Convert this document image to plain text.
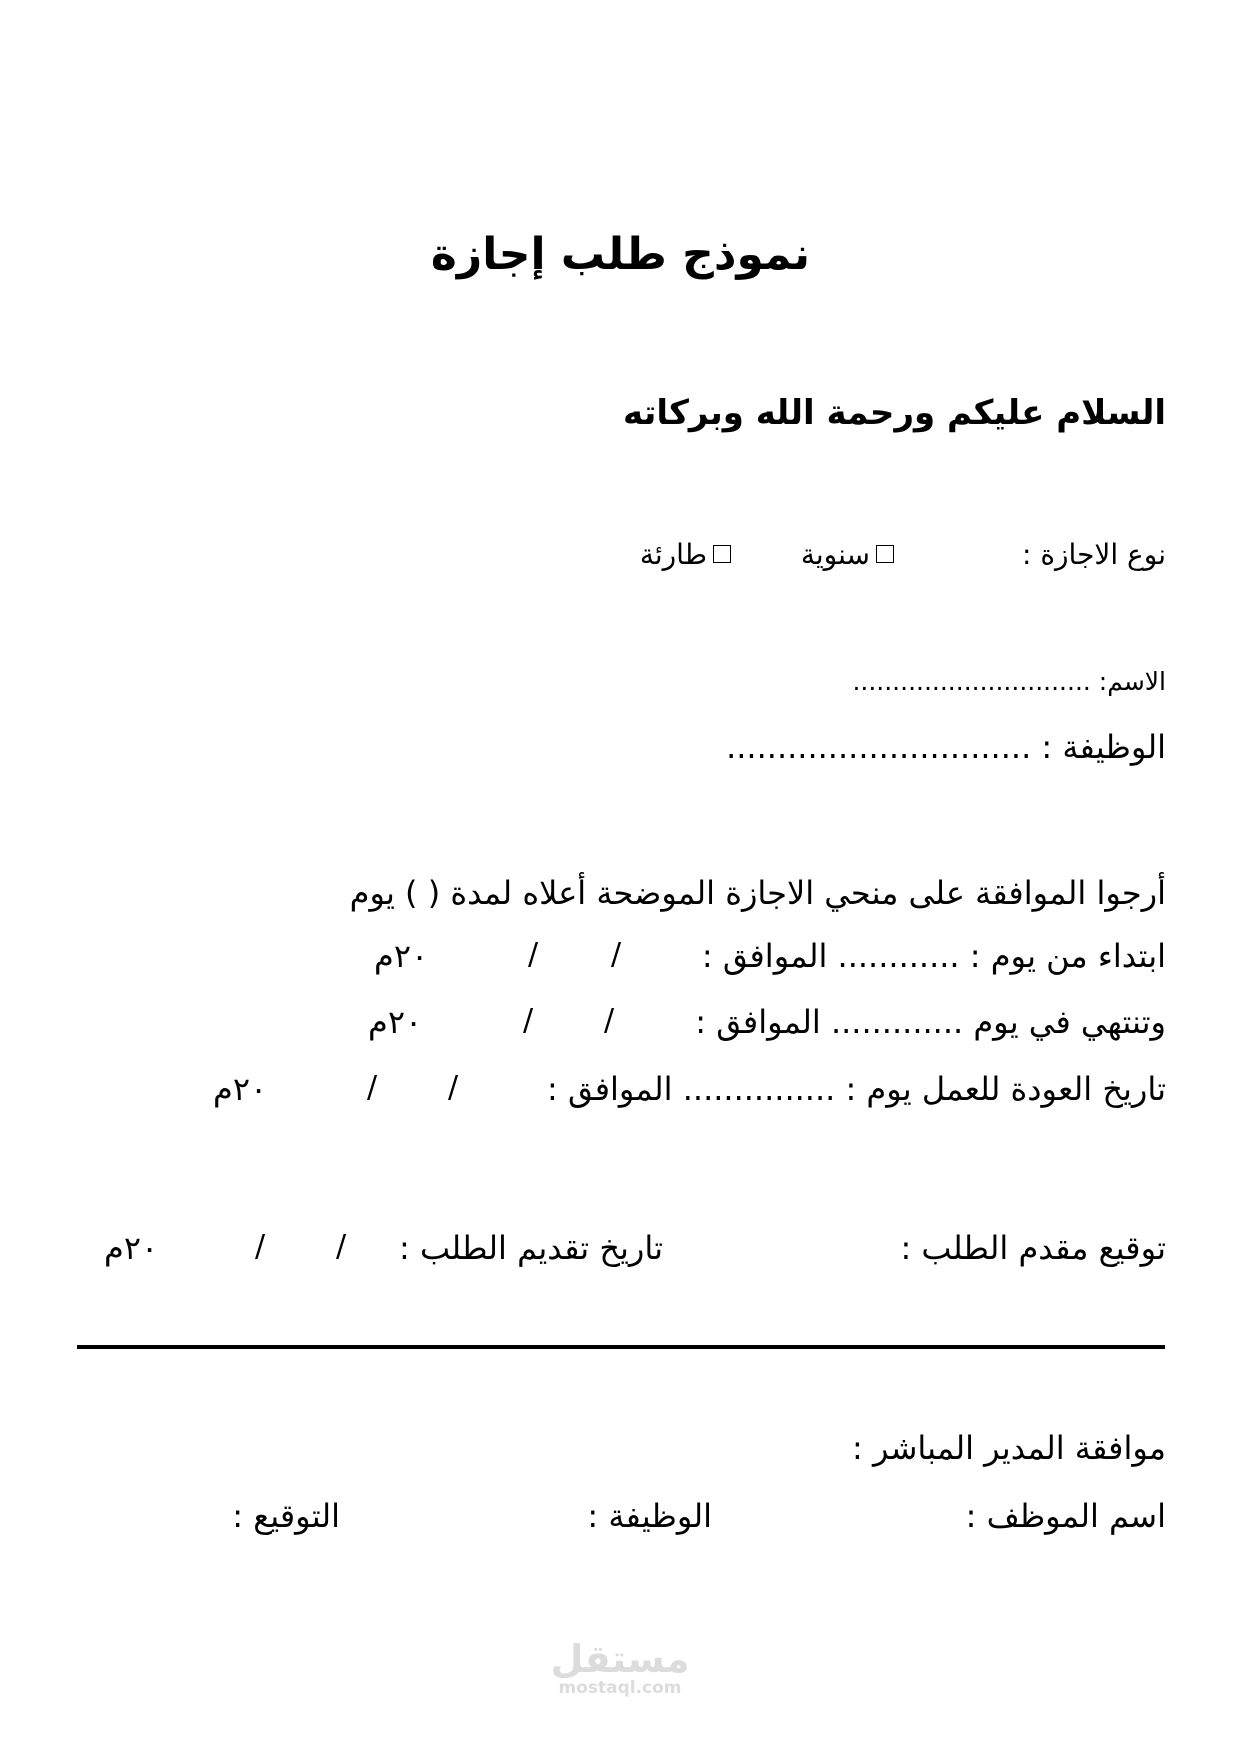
نموذج طلب إجازة
السلام عليكم ورحمة الله وبركاته
نوع الاجازة :
سنوية
طارئة
الاسم: ..............................
الوظيفة : ..............................
أرجوا الموافقة على منحي الاجازة الموضحة أعلاه لمدة ( ) يوم
ابتداء من يوم : ............ الموافق :
/
/
٢٠م
وتنتهي في يوم ............. الموافق :
/
/
٢٠م
تاريخ العودة للعمل يوم : ............... الموافق :
/
/
٢٠م
توقيع مقدم الطلب :
تاريخ تقديم الطلب :
/
/
٢٠م
موافقة المدير المباشر :
اسم الموظف :
الوظيفة :
التوقيع :
مستقل
mostaql.com
